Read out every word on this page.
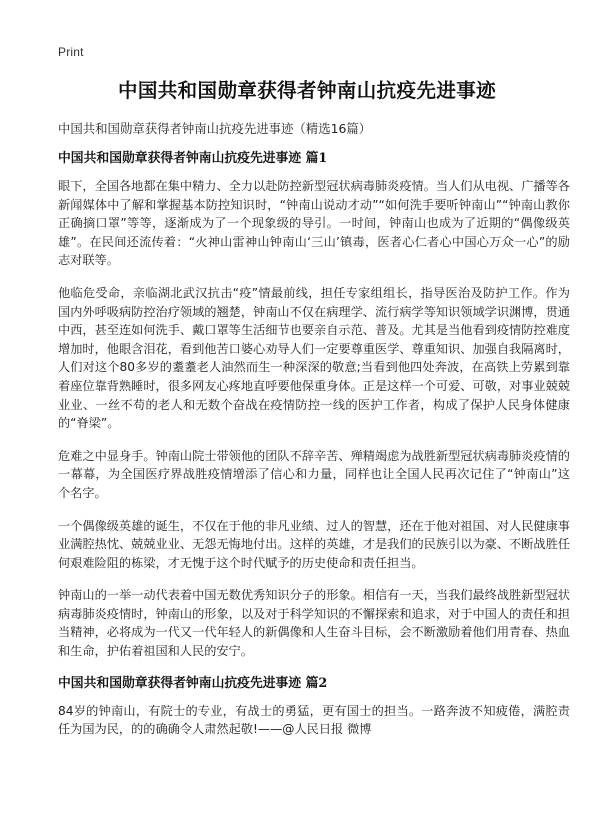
Print
中国共和国勋章获得者钟南山抗疫先进事迹
中国共和国勋章获得者钟南山抗疫先进事迹（精选16篇）
中国共和国勋章获得者钟南山抗疫先进事迹 篇1

眼下，全国各地都在集中精力、全力以赴防控新型冠状病毒肺炎疫情。当人们从电视、广播等各新闻媒体中了解和掌握基本防控知识时，“钟南山说动才动”“如何洗手要听钟南山”“钟南山教你正确摘口罩”等等，逐渐成为了一个现象级的导引。一时间，钟南山也成为了近期的“偶像级英雄”。在民间还流传着：“火神山雷神山钟南山‘三山’镇毒，医者心仁者心中国心万众一心”的励志对联等。

他临危受命，亲临湖北武汉抗击“疫”情最前线，担任专家组组长，指导医治及防护工作。作为国内外呼吸病防控治疗领域的翘楚，钟南山不仅在病理学、流行病学等知识领域学识渊博，贯通中西，甚至连如何洗手、戴口罩等生活细节也要亲自示范、普及。尤其是当他看到疫情防控难度增加时，他眼含泪花，看到他苦口婆心劝导人们一定要尊重医学、尊重知识、加强自我隔离时，人们对这个80多岁的耋耋老人油然而生一种深深的敬意;当看到他四处奔波，在高铁上劳累到靠着座位靠背熟睡时，很多网友心疼地直呼要他保重身体。正是这样一个可爱、可敬，对事业兢兢业业、一丝不苟的老人和无数个奋战在疫情防控一线的医护工作者，构成了保护人民身体健康的“脊梁”。

危难之中显身手。钟南山院士带领他的团队不辞辛苦、殚精竭虑为战胜新型冠状病毒肺炎疫情的一幕幕，为全国医疗界战胜疫情增添了信心和力量，同样也让全国人民再次记住了“钟南山”这个名字。

一个偶像级英雄的诞生，不仅在于他的非凡业绩、过人的智慧，还在于他对祖国、对人民健康事业满腔热忱、兢兢业业、无怨无悔地付出。这样的英雄，才是我们的民族引以为豪、不断战胜任何艰难险阻的栋梁，才无愧于这个时代赋予的历史使命和责任担当。

钟南山的一举一动代表着中国无数优秀知识分子的形象。相信有一天，当我们最终战胜新型冠状病毒肺炎疫情时，钟南山的形象，以及对于科学知识的不懈探索和追求，对于中国人的责任和担当精神，必将成为一代又一代年轻人的新偶像和人生奋斗目标，会不断激励着他们用青春、热血和生命，护佑着祖国和人民的安宁。

中国共和国勋章获得者钟南山抗疫先进事迹 篇2

84岁的钟南山，有院士的专业，有战士的勇猛，更有国士的担当。一路奔波不知疲倦，满腔责任为国为民，的的确确令人肃然起敬!——@人民日报 微博
